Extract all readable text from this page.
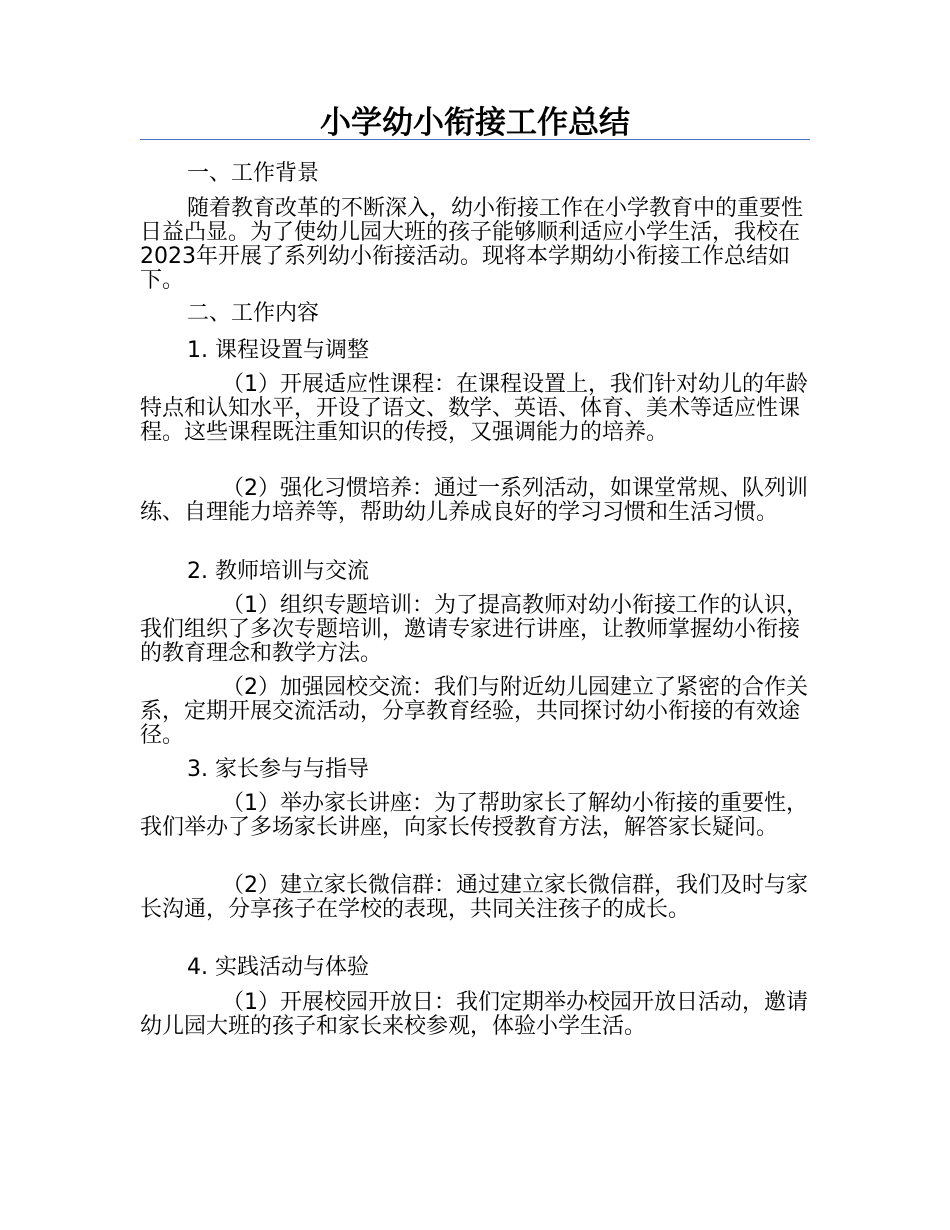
小学幼小衔接工作总结
一、工作背景
随着教育改革的不断深入，幼小衔接工作在小学教育中的重要性日益凸显。为了使幼儿园大班的孩子能够顺利适应小学生活，我校在2023年开展了系列幼小衔接活动。现将本学期幼小衔接工作总结如下。
二、工作内容
1. 课程设置与调整
（1）开展适应性课程：在课程设置上，我们针对幼儿的年龄特点和认知水平，开设了语文、数学、英语、体育、美术等适应性课程。这些课程既注重知识的传授，又强调能力的培养。
（2）强化习惯培养：通过一系列活动，如课堂常规、队列训练、自理能力培养等，帮助幼儿养成良好的学习习惯和生活习惯。
2. 教师培训与交流
（1）组织专题培训：为了提高教师对幼小衔接工作的认识，我们组织了多次专题培训，邀请专家进行讲座，让教师掌握幼小衔接的教育理念和教学方法。
（2）加强园校交流：我们与附近幼儿园建立了紧密的合作关系，定期开展交流活动，分享教育经验，共同探讨幼小衔接的有效途径。
3. 家长参与与指导
（1）举办家长讲座：为了帮助家长了解幼小衔接的重要性，我们举办了多场家长讲座，向家长传授教育方法，解答家长疑问。
（2）建立家长微信群：通过建立家长微信群，我们及时与家长沟通，分享孩子在学校的表现，共同关注孩子的成长。
4. 实践活动与体验
（1）开展校园开放日：我们定期举办校园开放日活动，邀请幼儿园大班的孩子和家长来校参观，体验小学生活。
